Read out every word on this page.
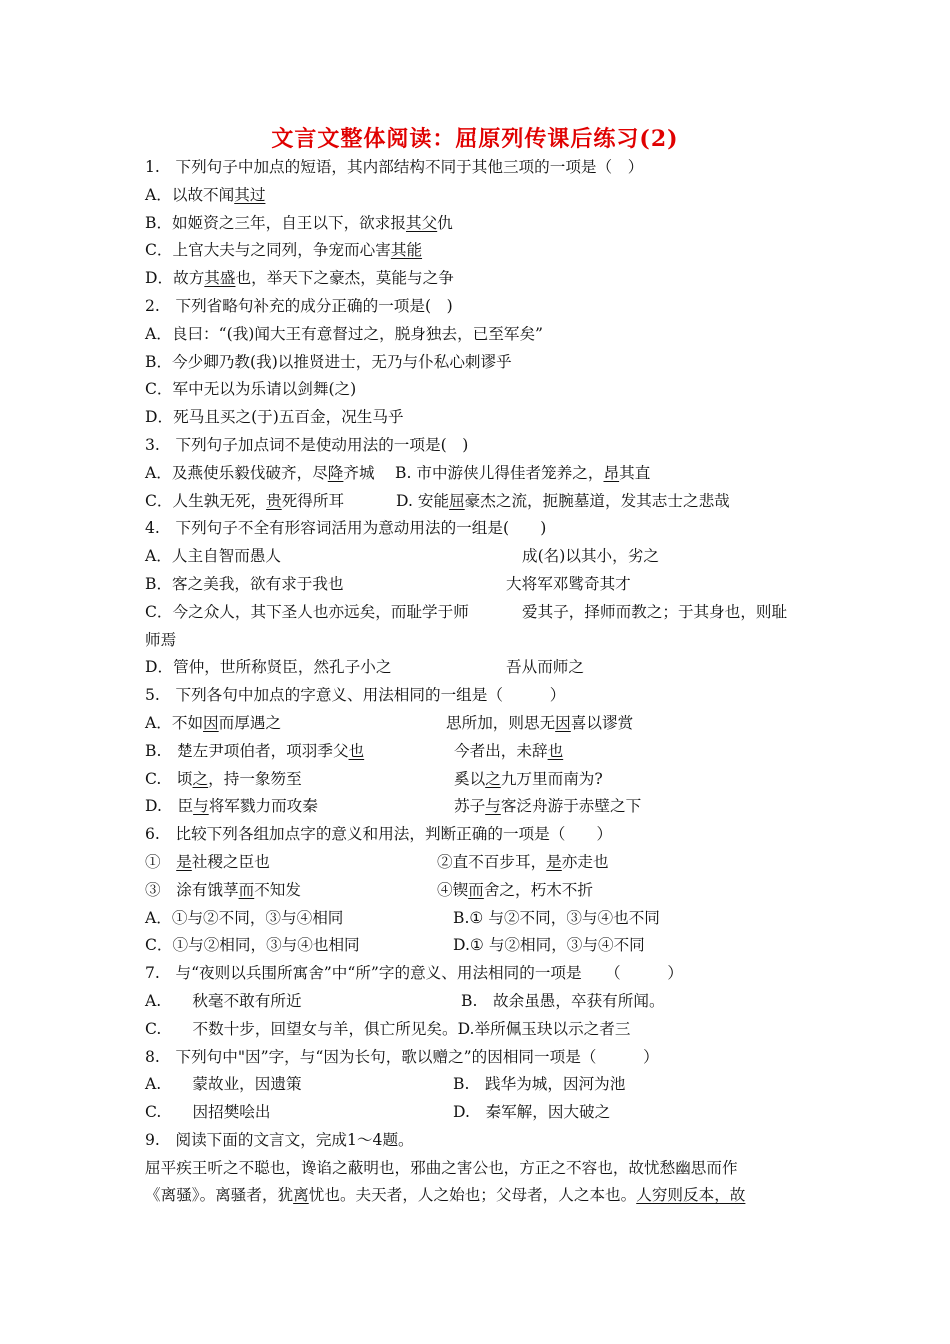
文言文整体阅读：屈原列传课后练习(2)
1.　下列句子中加点的短语，其内部结构不同于其他三项的一项是（　）
A．以故不闻其过
B．如姬资之三年，自王以下，欲求报其父仇
C．上官大夫与之同列，争宠而心害其能
D．故方其盛也，举天下之豪杰，莫能与之争
2.　下列省略句补充的成分正确的一项是(　)
A．良曰：“(我)闻大王有意督过之，脱身独去，已至军矣”
B．今少卿乃教(我)以推贤进士，无乃与仆私心刺谬乎
C．军中无以为乐请以剑舞(之)
D．死马且买之(于)五百金，况生马乎
3.　下列句子加点词不是使动用法的一项是(　)
A．及燕使乐毅伐破齐，尽降齐城 B. 市中游侠儿得佳者笼养之，昂其直
C．人生孰无死，贵死得所耳	D. 安能屈豪杰之流，扼腕墓道，发其志士之悲哉
4.　下列句子不全有形容词活用为意动用法的一组是(　　)
A．人主自智而愚人	成(名)以其小，劣之
B．客之美我，欲有求于我也	大将军邓骘奇其才
C．今之众人，其下圣人也亦远矣，而耻学于师	爱其子，择师而教之；于其身也，则耻
师焉
D．管仲，世所称贤臣，然孔子小之	吾从而师之
5.　下列各句中加点的字意义、用法相同的一组是（　　　）
A．不如因而厚遇之	思所加，则思无因喜以谬赏
B.　楚左尹项伯者，项羽季父也	今者出，未辞也
C.　顷之，持一象笏至	奚以之九万里而南为?
D.　臣与将军戮力而攻秦	苏子与客泛舟游于赤壁之下
6.　比较下列各组加点字的意义和用法，判断正确的一项是（　　）
①　是社稷之臣也	②直不百步耳，是亦走也
③　涂有饿莩而不知发	④锲而舍之，朽木不折
A．①与②不同，③与④相同	B.① 与②不同，③与④也不同
C．①与②相同，③与④也相同	D.① 与②相同，③与④不同
7.　与“夜则以兵围所寓舍”中“所”字的意义、用法相同的一项是　　（　　　）
A.　　秋毫不敢有所近	B.　故余虽愚，卒获有所闻。
C.　　不数十步，回望女与羊，俱亡所见矣。D.举所佩玉玦以示之者三
8.　下列句中"因”字，与“因为长句，歌以赠之”的因相同一项是（　　　）
A.　　蒙故业，因遗策	B.　践华为城，因河为池
C.　　因招樊哙出	D.　秦军解，因大破之
9.　阅读下面的文言文，完成1～4题。
屈平疾王听之不聪也，谗谄之蔽明也，邪曲之害公也，方正之不容也，故忧愁幽思而作
《离骚》。离骚者，犹离忧也。夫天者，人之始也；父母者，人之本也。人穷则反本，故
